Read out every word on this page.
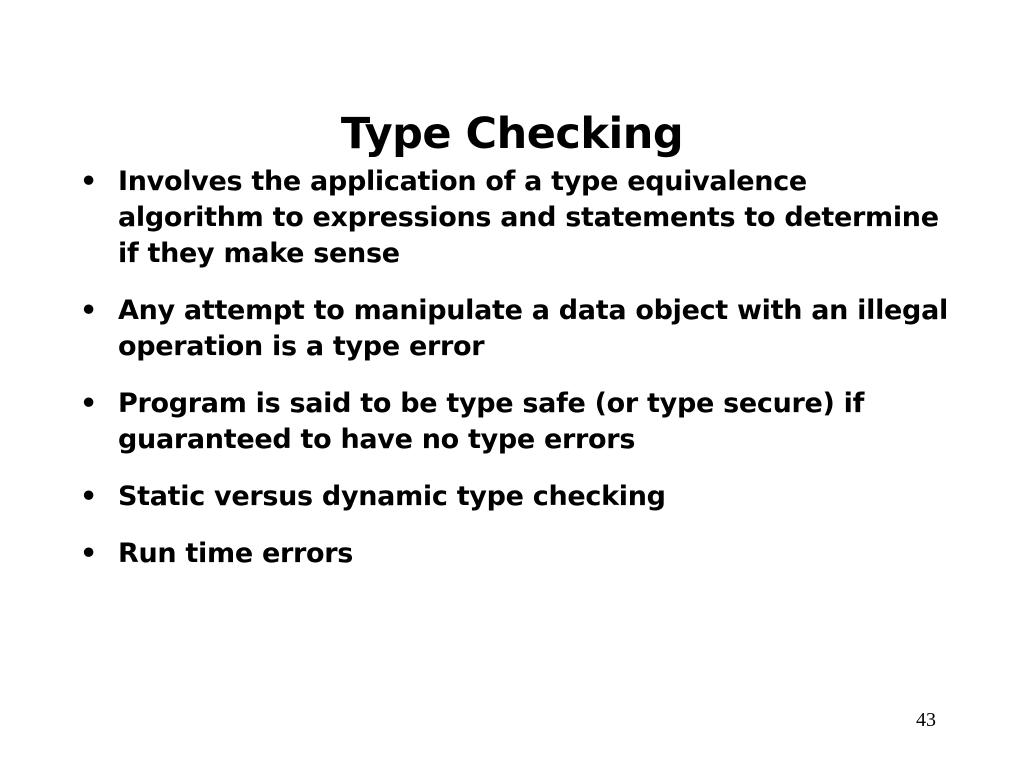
Type Checking
• Involves the application of a type equivalence algorithm to expressions and statements to determine if they make sense
• Any attempt to manipulate a data object with an illegal operation is a type error
• Program is said to be type safe (or type secure) if guaranteed to have no type errors
• Static versus dynamic type checking
• Run time errors
43
